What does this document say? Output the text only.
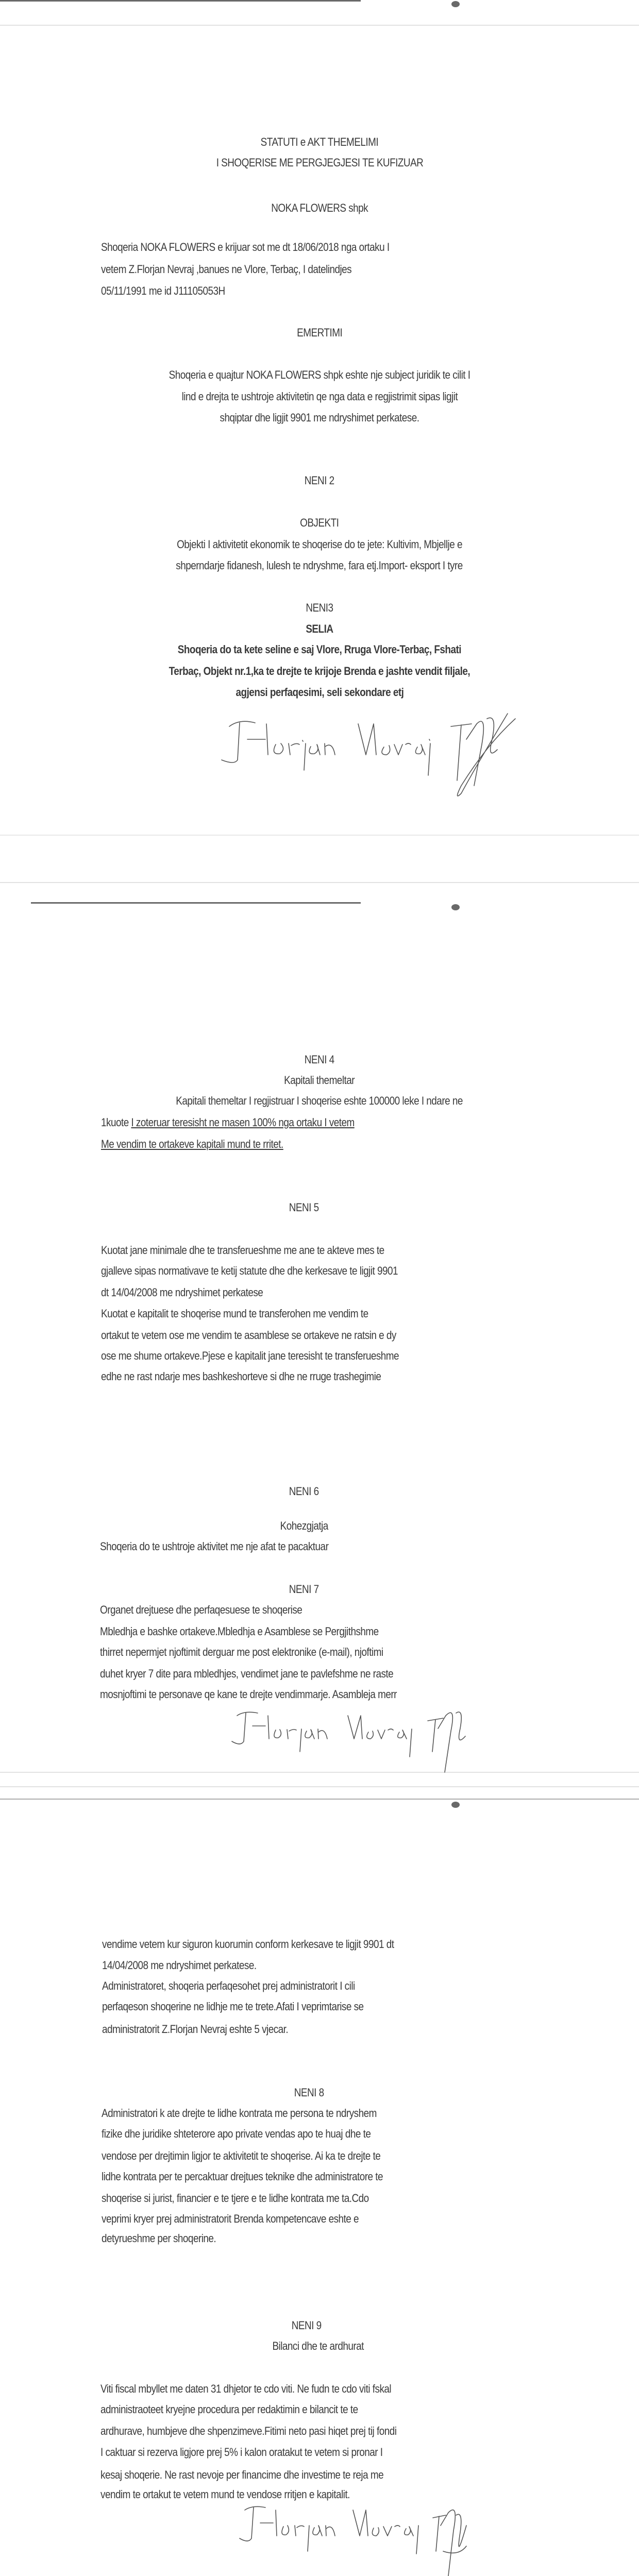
STATUTI e AKT THEMELIMI
I SHOQERISE ME PERGJEGJESI TE KUFIZUAR
NOKA FLOWERS shpk
Shoqeria NOKA FLOWERS e krijuar sot me dt 18/06/2018 nga ortaku I
vetem Z.Florjan Nevraj ,banues ne Vlore, Terbaç, I datelindjes
05/11/1991 me id J11105053H
EMERTIMI
Shoqeria e quajtur NOKA FLOWERS shpk eshte nje subject juridik te cilit I
lind e drejta te ushtroje aktivitetin qe nga data e regjistrimit sipas ligjit
shqiptar dhe ligjit 9901 me ndryshimet perkatese.
NENI 2
OBJEKTI
Objekti I aktivitetit ekonomik te shoqerise do te jete: Kultivim, Mbjellje e
shperndarje fidanesh, lulesh te ndryshme, fara etj.Import- eksport I tyre
NENI3
SELIA
Shoqeria do ta kete seline e saj Vlore, Rruga Vlore-Terbaç, Fshati
Terbaç, Objekt nr.1,ka te drejte te krijoje Brenda e jashte vendit filjale,
agjensi perfaqesimi, seli sekondare etj
NENI 4
Kapitali themeltar
Kapitali themeltar I regjistruar I shoqerise eshte 100000 leke I ndare ne
1kuote I zoteruar teresisht ne masen 100% nga ortaku I vetem
Me vendim te ortakeve kapitali mund te rritet.
NENI 5
Kuotat jane minimale dhe te transferueshme me ane te akteve mes te
gjalleve sipas normativave te ketij statute dhe dhe kerkesave te ligjit 9901
dt 14/04/2008 me ndryshimet perkatese
Kuotat e kapitalit te shoqerise mund te transferohen me vendim te
ortakut te vetem ose me vendim te asamblese se ortakeve ne ratsin e dy
ose me shume ortakeve.Pjese e kapitalit jane teresisht te transferueshme
edhe ne rast ndarje mes bashkeshorteve si dhe ne rruge trashegimie
NENI 6
Kohezgjatja
Shoqeria do te ushtroje aktivitet me nje afat te pacaktuar
NENI 7
Organet drejtuese dhe perfaqesuese te shoqerise
Mbledhja e bashke ortakeve.Mbledhja e Asamblese se Pergjithshme
thirret nepermjet njoftimit derguar me post elektronike (e-mail), njoftimi
duhet kryer 7 dite para mbledhjes, vendimet jane te pavlefshme ne raste
mosnjoftimi te personave qe kane te drejte vendimmarje. Asambleja merr
vendime vetem kur siguron kuorumin conform kerkesave te ligjit 9901 dt
14/04/2008 me ndryshimet perkatese.
Administratoret, shoqeria perfaqesohet prej administratorit I cili
perfaqeson shoqerine ne lidhje me te trete.Afati I veprimtarise se
administratorit Z.Florjan Nevraj eshte 5 vjecar.
NENI 8
Administratori k ate drejte te lidhe kontrata me persona te ndryshem
fizike dhe juridike shteterore apo private vendas apo te huaj dhe te
vendose per drejtimin ligjor te aktivitetit te shoqerise. Ai ka te drejte te
lidhe kontrata per te percaktuar drejtues teknike dhe administratore te
shoqerise si jurist, financier e te tjere e te lidhe kontrata me ta.Cdo
veprimi kryer prej administratorit Brenda kompetencave eshte e
detyrueshme per shoqerine.
NENI 9
Bilanci dhe te ardhurat
Viti fiscal mbyllet me daten 31 dhjetor te cdo viti. Ne fudn te cdo viti fskal
administraoteet kryejne procedura per redaktimin e bilancit te te
ardhurave, humbjeve dhe shpenzimeve.Fitimi neto pasi hiqet prej tij fondi
I caktuar si rezerva ligjore prej 5% i kalon oratakut te vetem si pronar I
kesaj shoqerie. Ne rast nevoje per financime dhe investime te reja me
vendim te ortakut te vetem mund te vendose rritjen e kapitalit.
